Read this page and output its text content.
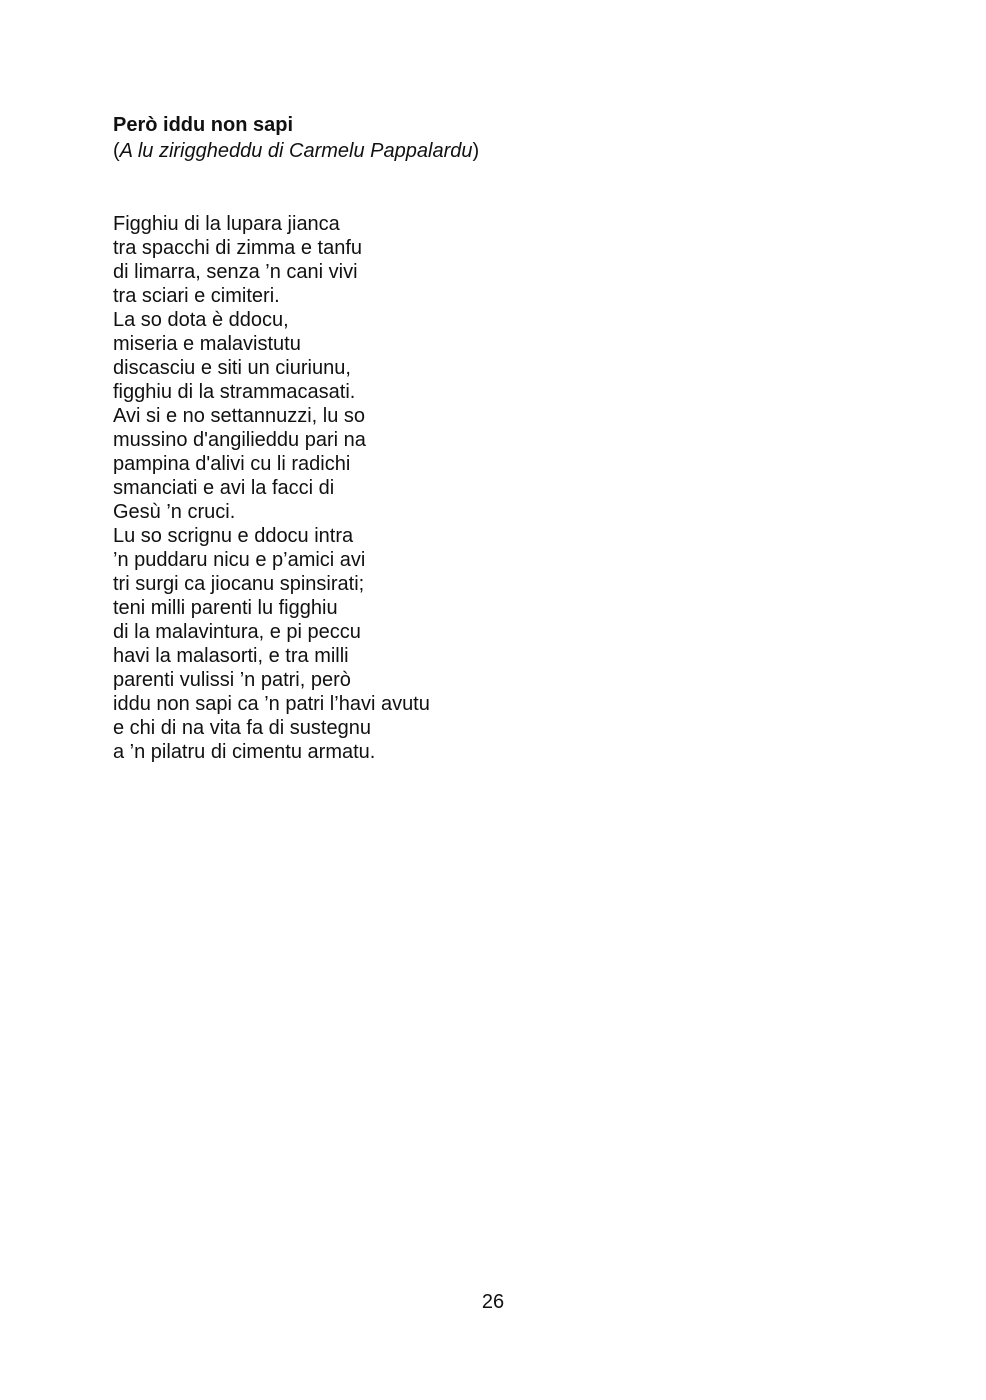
Però iddu non sapi

(A lu ziriggheddu di Carmelu Pappalardu)

Figghiu di la lupara jianca
tra spacchi di zimma e tanfu
di limarra, senza ’n cani vivi
tra sciari e cimiteri.
La so dota è ddocu,
miseria e malavistutu
discasciu e siti un ciuriunu,
figghiu di la strammacasati.
Avi si e no settannuzzi, lu so
mussino d'angilieddu pari na
pampina d'alivi cu li radichi
smanciati e avi la facci di
Gesù ’n cruci.
Lu so scrignu e ddocu intra
’n puddaru nicu e p’amici avi
tri surgi ca jiocanu spinsirati;
teni milli parenti lu figghiu
di la malavintura, e pi peccu
havi la malasorti, e tra milli
parenti vulissi ’n patri, però
iddu non sapi ca ’n patri l’havi avutu
e chi di na vita fa di sustegnu
a ’n pilatru di cimentu armatu.
26
